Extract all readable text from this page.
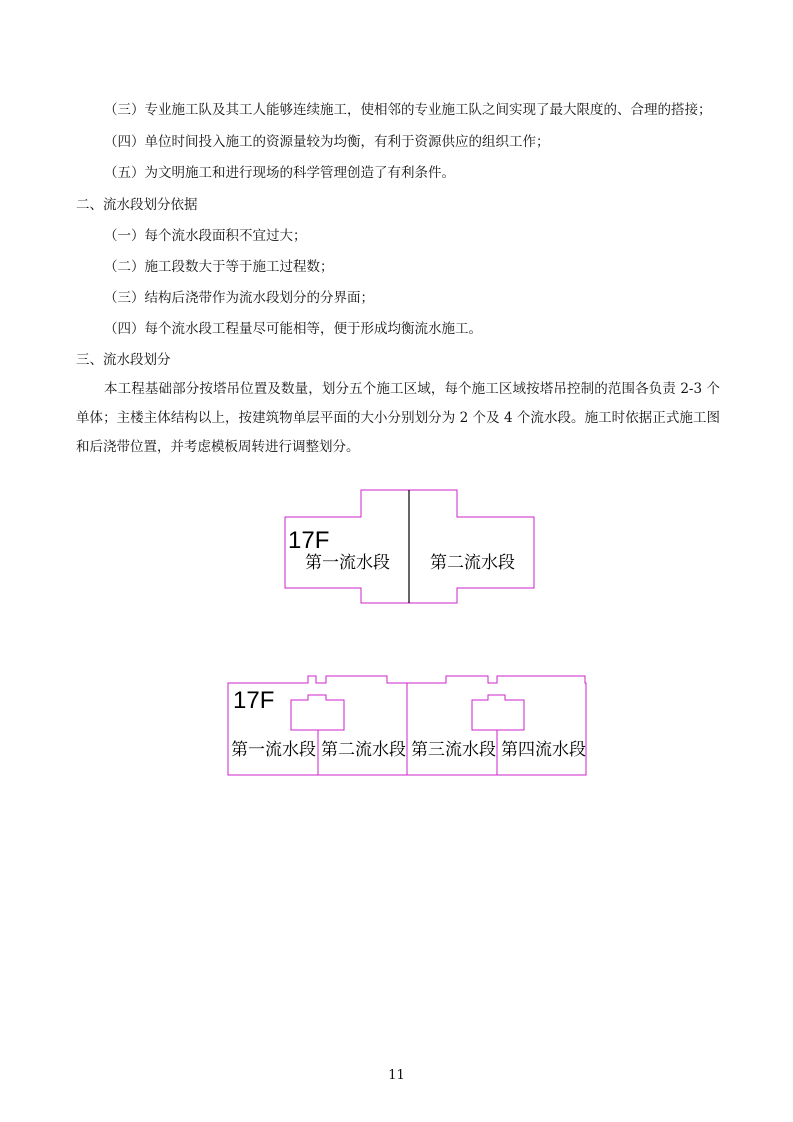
（三）专业施工队及其工人能够连续施工，使相邻的专业施工队之间实现了最大限度的、合理的搭接；
（四）单位时间投入施工的资源量较为均衡，有利于资源供应的组织工作；
（五）为文明施工和进行现场的科学管理创造了有利条件。
二、流水段划分依据
（一）每个流水段面积不宜过大；
（二）施工段数大于等于施工过程数；
（三）结构后浇带作为流水段划分的分界面；
（四）每个流水段工程量尽可能相等，便于形成均衡流水施工。
三、流水段划分
本工程基础部分按塔吊位置及数量，划分五个施工区域，每个施工区域按塔吊控制的范围各负责 2-3 个单体；主楼主体结构以上，按建筑物单层平面的大小分别划分为 2 个及 4 个流水段。施工时依据正式施工图和后浇带位置，并考虑模板周转进行调整划分。
17F
第一流水段 第二流水段
17F
第一流水段 第二流水段 第三流水段 第四流水段
11
